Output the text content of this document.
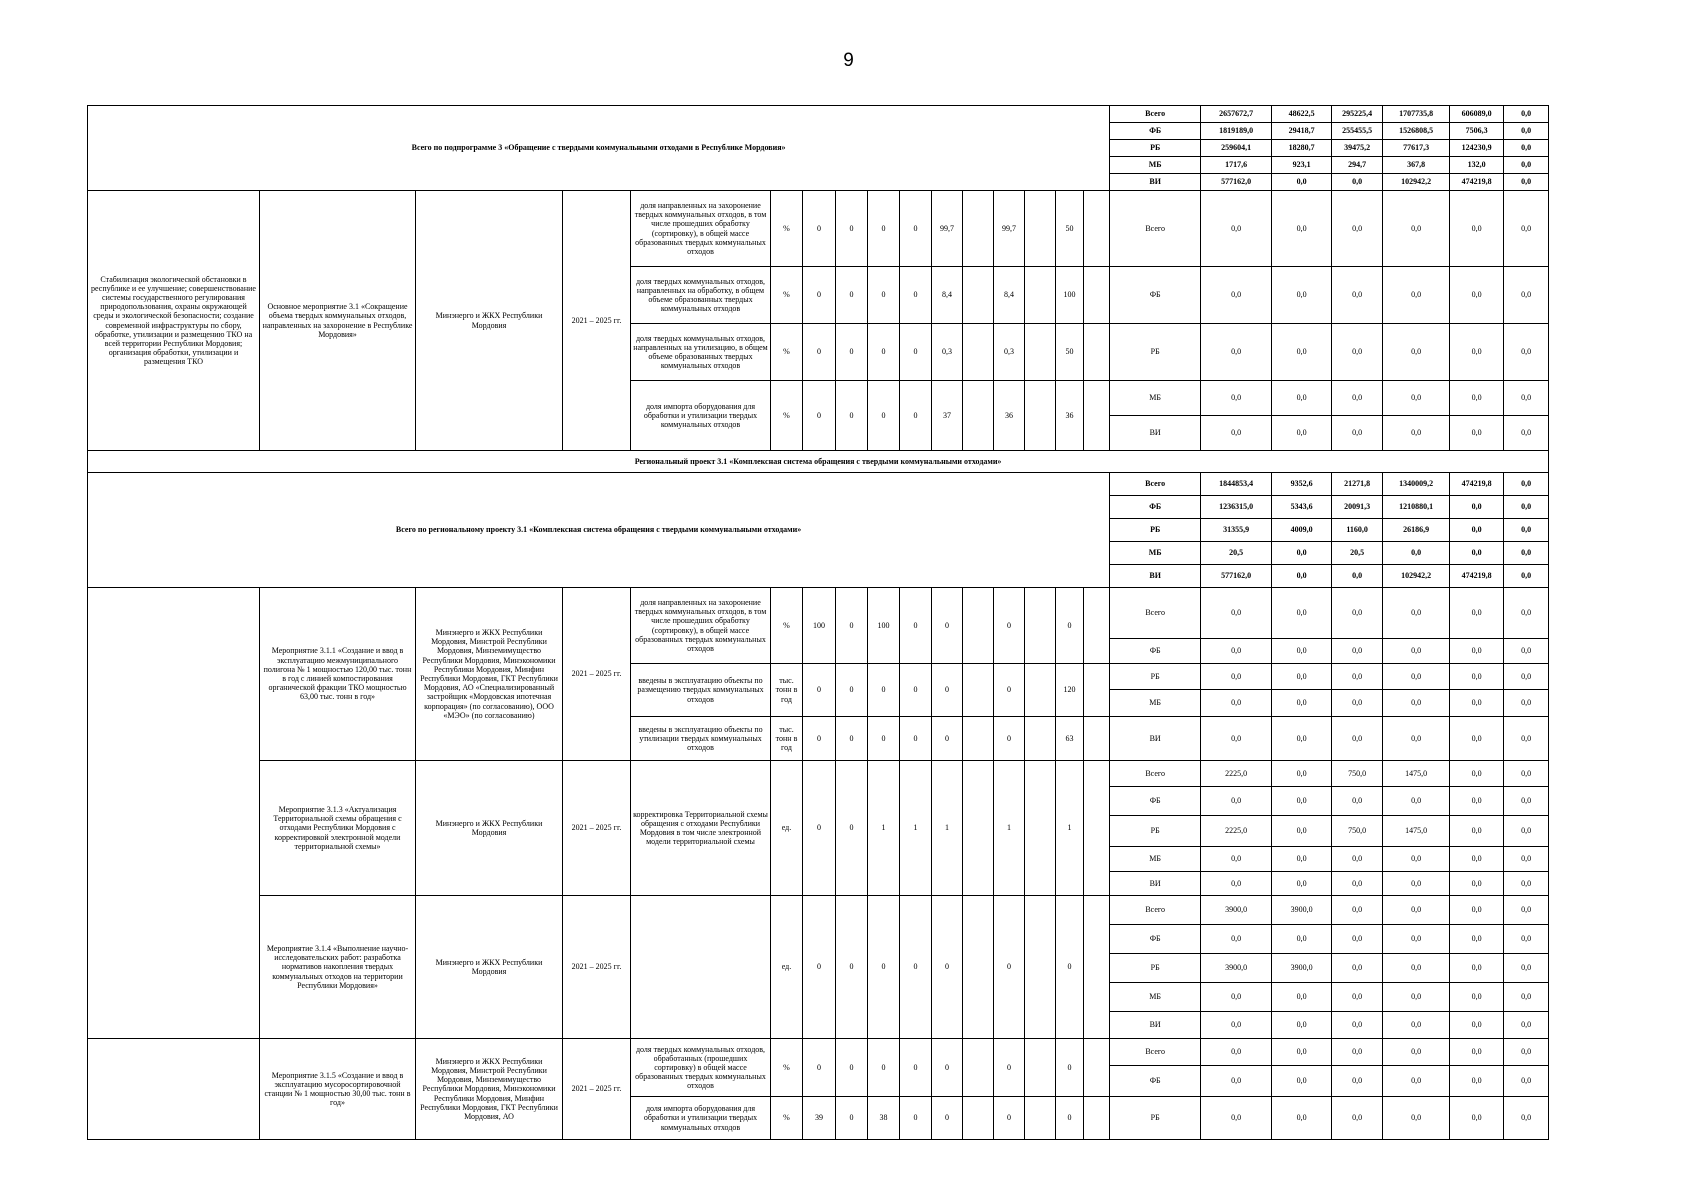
9
Всего по подпрограмме 3 «Обращение с твердыми коммунальными отходами в Республике Мордовия»																Всего	2657672,7	48622,5	295225,4	1707735,8	606089,0	0,0
																ФБ	1819189,0	29418,7	255455,5	1526808,5	7506,3	0,0
																РБ	259604,1	18280,7	39475,2	77617,3	124230,9	0,0
																МБ	1717,6	923,1	294,7	367,8	132,0	0,0
																ВИ	577162,0	0,0	0,0	102942,2	474219,8	0,0
Стабилизация экологической обстановки в республике и ее улучшение; совершенствование системы государственного регулирования природопользования, охраны окружающей среды и экологической безопасности; создание современной инфраструктуры по сбору, обработке, утилизации и размещению ТКО на всей территории Республики Мордовия; организация обработки, утилизации и размещения ТКО	Основное мероприятие 3.1 «Сокращение объема твердых коммунальных отходов, направленных на захоронение в Республике Мордовия»	Минэнерго и ЖКХ Республики Мордовия	2021 – 2025 гг.	доля направленных на захоронение твердых коммунальных отходов, в том числе прошедших обработку (сортировку), в общей массе образованных твердых коммунальных отходов	%	0	0	0	0	99,7		99,7		50		Всего	0,0	0,0	0,0	0,0	0,0	0,0
				доля твердых коммунальных отходов, направленных на обработку, в общем объеме образованных твердых коммунальных отходов	%	0	0	0	0	8,4		8,4		100		ФБ	0,0	0,0	0,0	0,0	0,0	0,0
				доля твердых коммунальных отходов, направленных на утилизацию, в общем объеме образованных твердых коммунальных отходов	%	0	0	0	0	0,3		0,3		50		РБ	0,0	0,0	0,0	0,0	0,0	0,0
				доля импорта оборудования для обработки и утилизации твердых коммунальных отходов	%	0	0	0	0	37		36		36		МБ	0,0	0,0	0,0	0,0	0,0	0,0
																ВИ	0,0	0,0	0,0	0,0	0,0	0,0
Региональный проект 3.1 «Комплексная система обращения с твердыми коммунальными отходами»																						
Всего по региональному проекту 3.1 «Комплексная система обращения с твердыми коммунальными отходами»																Всего	1844853,4	9352,6	21271,8	1340009,2	474219,8	0,0
																ФБ	1236315,0	5343,6	20091,3	1210880,1	0,0	0,0
																РБ	31355,9	4009,0	1160,0	26186,9	0,0	0,0
																МБ	20,5	0,0	20,5	0,0	0,0	0,0
																ВИ	577162,0	0,0	0,0	102942,2	474219,8	0,0
	Мероприятие 3.1.1 «Создание и ввод в эксплуатацию межмуниципального полигона № 1 мощностью 120,00 тыс. тонн в год с линией компостирования органической фракции ТКО мощностью 63,00 тыс. тонн в год»	Минэнерго и ЖКХ Республики Мордовия, Минстрой Республики Мордовия, Минземимущество Республики Мордовия, Минэкономики Республики Мордовия, Минфин Республики Мордовия, ГКТ Республики Мордовия, АО «Специализированный застройщик «Мордовская ипотечная корпорация» (по согласованию), ООО «МЭО» (по согласованию)	2021 – 2025 гг.	доля направленных на захоронение твердых коммунальных отходов, в том числе прошедших обработку (сортировку), в общей массе образованных твердых коммунальных отходов	%	100	0	100	0	0		0		0		Всего	0,0	0,0	0,0	0,0	0,0	0,0
																ФБ	0,0	0,0	0,0	0,0	0,0	0,0
				введены в эксплуатацию объекты по размещению твердых коммунальных отходов	тыс. тонн в год	0	0	0	0	0		0		120		РБ	0,0	0,0	0,0	0,0	0,0	0,0
																МБ	0,0	0,0	0,0	0,0	0,0	0,0
				введены в эксплуатацию объекты по утилизации твердых коммунальных отходов	тыс. тонн в год	0	0	0	0	0		0		63		ВИ	0,0	0,0	0,0	0,0	0,0	0,0
	Мероприятие 3.1.3 «Актуализация Территориальной схемы обращения с отходами Республики Мордовия с корректировкой электронной модели территориальной схемы»	Минэнерго и ЖКХ Республики Мордовия	2021 – 2025 гг.	корректировка Территориальной схемы обращения с отходами Республики Мордовия в том числе электронной модели территориальной схемы	ед.	0	0	1	1	1		1		1		Всего	2225,0	0,0	750,0	1475,0	0,0	0,0
																ФБ	0,0	0,0	0,0	0,0	0,0	0,0
																РБ	2225,0	0,0	750,0	1475,0	0,0	0,0
																МБ	0,0	0,0	0,0	0,0	0,0	0,0
																ВИ	0,0	0,0	0,0	0,0	0,0	0,0
	Мероприятие 3.1.4 «Выполнение научно-исследовательских работ: разработка нормативов накопления твердых коммунальных отходов на территории Республики Мордовия»	Минэнерго и ЖКХ Республики Мордовия	2021 – 2025 гг.		ед.	0	0	0	0	0		0		0		Всего	3900,0	3900,0	0,0	0,0	0,0	0,0
																ФБ	0,0	0,0	0,0	0,0	0,0	0,0
																РБ	3900,0	3900,0	0,0	0,0	0,0	0,0
																МБ	0,0	0,0	0,0	0,0	0,0	0,0
																ВИ	0,0	0,0	0,0	0,0	0,0	0,0
	Мероприятие 3.1.5 «Создание и ввод в эксплуатацию мусоросортировочной станции № 1 мощностью 30,00 тыс. тонн в год»	Минэнерго и ЖКХ Республики Мордовия, Минстрой Республики Мордовия, Минземимущество Республики Мордовия, Минэкономики Республики Мордовия, Минфин Республики Мордовия, ГКТ Республики Мордовия, АО	2021 – 2025 гг.	доля твердых коммунальных отходов, обработанных (прошедших сортировку) в общей массе образованных твердых коммунальных отходов	%	0	0	0	0	0		0		0		Всего	0,0	0,0	0,0	0,0	0,0	0,0
																ФБ	0,0	0,0	0,0	0,0	0,0	0,0
				доля импорта оборудования для обработки и утилизации твердых коммунальных отходов	%	39	0	38	0	0		0		0		РБ	0,0	0,0	0,0	0,0	0,0	0,0
